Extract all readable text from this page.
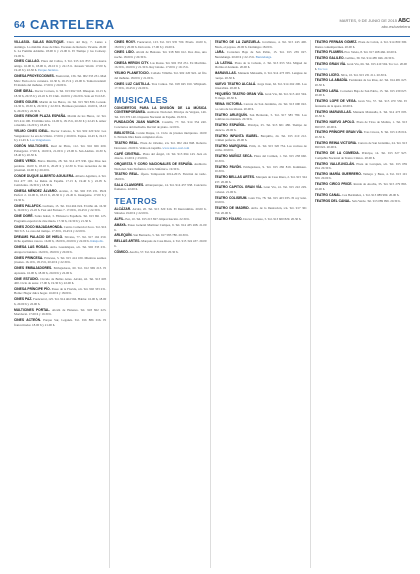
64 CARTELERA	MARTES, 9 DE JUNIO DE 2015 ABC
abc.es/cartelera
VILLASOL SALAS BOUTIQUE. Clara del Rey, 7. Lunes a domingo. La maldita clase de Dios. Escenas de Roberto Vicente. 20.00 h. La Familia Addams. 18.00 h y 21.00 h. El Tiempo y los Conway. 19.00 h.
CINES CALLAO. Plaza del Callao, 3. Tel. 915 221 857. Una nueva amiga. 16.00 h, 18.00 h, 20.10 h y 22.15 h. Jurassic World. 17.00 h, 19.45 h y 22.30 h. Parque Jurásico.
CINESA PROYECCIONES. Fuencarral, 136. Tel. 902 333 231. Mad Max: Furia en la carretera. 16.30 h, 19.15 h y 22.00 h. Tomorrowland: El mundo del mañana. 17.00 h y 20.00 h.
CINE IDEAL. Doctor Cortezo, 6. Tel. 913 692 518. Dheepan. 16.15 h, 18.30 h, 20.35 h y 22.45 h. El Club. 16.00 h y 20.20 h. Sólo en V.O.S.E.
CINES GOLEM. Martín de los Heros, 14. Tel. 915 593 836. Loreak. 16.30 h, 18.30 h, 20.30 h y 22.30 h. Hermosa juventud. 16.00 h, 18.10 h, 20.20 h y 22.30 h.
CINES RENOIR PLAZA ESPAÑA. Martín de los Heros, 12. Tel. 915 414 100. El último lobo. 16.00 h, 18.15 h, 20.30 h y 22.45 h. Amor a medida. 16.20 h y 18.20 h.
YELMO CINES IDEAL. Doctor Cortezo, 6. Tel. 902 220 922. Los Vengadores: La era de Ultrón. 17.00 h y 20.00 h. Espías. 16.45 h, 19.15 h y 21.45 h. Los Vengadores.
ODEÓN MULTICINES. Real de Pinto, 112. Tel. 916 926 200. Poltergeist. 17.00 h, 19.00 h, 21.00 h y 23.00 h. San Andrés. 16.30 h, 18.40 h y 20.50 h.
CINES VERDI. Bravo Murillo, 28. Tel. 914 473 930. Que Dios nos perdone. 16.00 h, 18.10 h, 20.20 h y 22.30 h. Tres recuerdos de mi juventud. 16.00 h y 20.20 h.
CONDE DUQUE ALBERTO AGUILERA. Alberto Aguilera, 4. Tel. 914 477 193. La Reina de España. 17.15 h, 19.40 h y 22.05 h. Cenicienta. 16.30 h y 18.30 h.
CINESA MÉNDEZ ÁLVARO. Acanto, 2. Tel. 902 333 231. Pitch Perfect 2. 16.00 h, 18.15 h, 20.30 h y 22.45 h. Insurgente. 17.00 h y 19.30 h.
CINES PALAFOX. Luchana, 15. Tel. 914 464 024. El niño 44. 16.30 h, 19.00 h y 21.45 h. Fast and Furious 7. 17.00 h, 19.45 h y 22.30 h.
CINE DORÉ. Santa Isabel, 3. Filmoteca Española. Tel. 913 691 125. Programa especial de cine mudo. 17.30 h, 19.30 h y 21.30 h.
CINES ZOCO MAJADAHONDA. Centro Comercial Zoco. Tel. 916 396 515. La casa del tiempo. 17.30 h, 19.45 h y 22.00 h.
DREAMS PALACIO DE HIELO. Silvano, 77. Tel. 917 162 250. Ocho apellidos vascos. 16.00 h, 18.00 h, 20.00 h y 22.00 h. Kinépolis.
CINESA LAS ROSAS. Avda. Guadalajara, s/n. Tel. 902 333 231. Atrapa la bandera. 16.00 h, 18.00 h y 20.00 h.
CINES PRINCESA. Princesa, 3. Tel. 915 414 100. Mientras seamos jóvenes. 16.10 h, 18.15 h, 20.20 h y 22.30 h.
CINES EMBAJADORES. Embajadores, 60. Tel. 912 969 213. El Apóstata. 16.00 h, 18.00 h, 20.00 h y 22.00 h.
CINE ESTUDIO. Círculo de Bellas Artes. Alcalá, 42. Tel. 913 605 400. Ciclo de autor. 17.00 h, 19.30 h y 22.00 h.
CINESA PRÍNCIPE PÍO. Paseo de la Florida, s/n. Tel. 902 333 231. Home: Hogar dulce hogar. 16.00 h y 18.00 h.
CINES PAZ. Fuencarral, 125. Tel. 914 464 566. Hablar. 16.00 h, 18.00 h, 20.00 h y 22.00 h.
MULTICINES PORTAL. Alcalá de Henares. Tel. 918 822 223. Mortdecai. 17.00 h y 19.30 h.
CINES ACTEÓN. Parque Sur, Leganés. Tel. 916 886 016. El francotirador. 18.00 h y 21.00 h.
CINES ROXY. Fuencarral, 123. Tel. 915 935 700. Pixels. 16.00 h, 18.00 h y 20.00 h. Del revés. 17.00 h y 19.00 h.
CINES LIDO. Alcalá de Henares. Tel. 918 826 612. Dos días, una noche. 18.00 h y 20.30 h.
CINESA HERON CITY. Las Rozas. Tel. 902 333 231. Ex Machina. 16.30 h, 19.00 h y 21.30 h. Rey Gitano. 17.00 h y 19.15 h.
YELMO PLANETOCIO. Collado Villalba. Tel. 902 220 922. Al filo del mañana. 18.00 h y 21.00 h.
CINES LUZ CASTILLA. Tres Cantos. Tel. 918 045 010. Whiplash. 17.30 h, 19.45 h y 22.00 h.
MUSICALES
CONCIERTOS PARA LA DIVISIÓN DE LA MÚSICA CONTEMPORÁNEA. Auditorio Nacional. Príncipe de Vergara, 146. Tel. 913 370 140. Orquesta Nacional de España. 19.30 h.
FUNDACIÓN JUAN MARCH. Castelló, 77. Tel. 914 354 240. Conciertos del mediodía. Recital de piano. 12.00 h.
BIBLIOTECA. Conde Duque, 11. Ciclo de jóvenes intérpretes. 19.00 h. Entrada libre hasta completar aforo.
TEATRO REAL. Plaza de Oriente, s/n. Tel. 902 244 848. Roberto Devereux. 20.00 h. Venta en taquilla. www.teatro-real.com
CAFÉ CENTRAL. Plaza del Ángel, 10. Tel. 913 694 143. Jazz en directo. 21.00 h y 23.00 h.
ORQUESTA Y CORO NACIONALES DE ESPAÑA. Auditorio Nacional. Sala Sinfónica. Ciclo Sinfónico. 19.30 h.
TEATRO REAL. Ópera. Temporada 2014-2015. Función de tarde. 18.00 h.
SALA CLAMORES. Alburquerque, 14. Tel. 914 457 938. Concierto flamenco. 22.00 h.
TEATROS
ALCÁZAR. Alcalá, 20. Tel. 915 320 616. El Intercambio. 20.00 h. Sábados 19.00 h y 22.00 h.
ALFIL. Pez, 10. Tel. 915 215 827. Improvisación. 22.30 h.
AMAYA. Paseo General Martínez Campos, 9. Tel. 914 435 268. 21.00 h.
ARLEQUÍN. San Bernardo, 5. Tel. 917 583 780. 20.30 h.
BELLAS ARTES. Marqués de Casa Riera, 2. Tel. 915 324 437. 20.00 h.
CÓMICO. Atocha, 57. Tel. 914 292 002. 20.30 h.
TEATRO DE LA ZARZUELA. Jovellanos, 4. Tel. 915 245 400. Black, el payaso. 20.00 h. Domingos 18.00 h.
LARA. Corredera Baja de San Pablo, 15. Tel. 915 239 027. Burundanga. 20.00 h y 22.15 h. Burundanga.
LA LATINA. Plaza de la Cebada, 2. Tel. 913 653 534. Miguel de Molina al desnudo. 20.00 h.
MARAVILLAS. Manuela Malasaña, 6. Tel. 914 473 005. Lenguas de cuerpo. 20.30 h.
NUEVO TEATRO ALCALÁ. Jorge Juan, 62. Tel. 914 262 200. Los miserables. 20.00 h.
PEQUEÑO TEATRO GRAN VÍA. Gran Vía, 66. Tel. 915 410 594. El mago. 20.30 h.
REINA VICTORIA. Carrera de San Jerónimo, 24. Tel. 913 690 022. La cena de los idiotas. 20.00 h.
TEATRO ARLEQUÍN. San Bernardo, 5. Tel. 917 583 780. Los hombres no mienten. 20.30 h.
TEATRO ESPAÑOL. Príncipe, 25. Tel. 913 601 480. Tiempo de silencio. 20.00 h.
TEATRO INFANTA ISABEL. Barquillo, 24. Tel. 915 210 212. Crimen perfecto. 20.00 h.
TEATRO MARQUINA. Prim, 11. Tel. 915 320 754. Los vecinos de arriba. 20.00 h.
TEATRO MUÑOZ SECA. Plaza del Carmen, 1. Tel. 915 238 660. 20.30 h.
TEATRO PAVÓN. Embajadores, 9. Tel. 915 282 819. Kamikaze. 20.30 h.
TEATRO BELLAS ARTES. Marqués de Casa Riera, 2. Tel. 915 324 437. 20.00 h.
TEATRO CAPITOL GRAN VÍA. Gran Vía, 41. Tel. 915 222 229. Cabaret. 21.00 h.
TEATRO COLISEUM. Gran Vía, 78. Tel. 915 423 035. El rey león. 20.00 h.
TEATRO DE MADRID. Avda. de la Ilustración, s/n. Tel. 917 301 750. 20.00 h.
TEATRO FÍGARO. Doctor Cortezo, 5. Tel. 913 600 829. 20.30 h.
TEATRO FERNÁN GÓMEZ. Plaza de Colón, 4. Tel. 914 800 300. Danza contemporánea. 20.00 h.
TEATRO FLUMEN. Pico Veleta, 8. Tel. 917 268 466. 20.00 h.
TEATRO GALILEO. Galileo, 39. Tel. 914 485 046. 20.30 h.
TEATRO GRAN VÍA. Gran Vía, 66. Tel. 915 410 594. Toc toc. 20.00 h. Toc toc.
TEATRO LICEO. Silva, 10. Tel. 915 231 211. 20.30 h.
TEATRO LA ABADÍA. Fernández de los Ríos, 42. Tel. 914 481 627. 20.30 h.
TEATRO LARA. Corredera Baja de San Pablo, 15. Tel. 915 239 027. 20.00 h.
TEATRO LOPE DE VEGA. Gran Vía, 57. Tel. 915 470 536. El fantasma de la ópera. 20.00 h.
TEATRO MARAVILLAS. Manuela Malasaña, 6. Tel. 914 473 005. 20.30 h.
TEATRO NUEVO APOLO. Plaza de Tirso de Molina, 1. Tel. 913 690 637. 20.00 h.
TEATRO PRÍNCIPE GRAN VÍA. Tres Cruces, 8. Tel. 915 218 016. 20.30 h.
TEATRO REINA VICTORIA. Carrera de San Jerónimo, 24. Tel. 913 690 022. 20.00 h.
TEATRO DE LA COMEDIA. Príncipe, 14. Tel. 915 327 927. Compañía Nacional de Teatro Clásico. 20.00 h.
TEATRO VALLE-INCLÁN. Plaza de Lavapiés, s/n. Tel. 915 059 294. 20.30 h.
TEATRO MARÍA GUERRERO. Tamayo y Baus, 4. Tel. 913 101 500. 20.00 h.
TEATRO CIRCO PRICE. Ronda de Atocha, 35. Tel. 915 279 865. 20.00 h.
TEATRO CANAL. Cea Bermúdez, 1. Tel. 913 089 999. 20.00 h.
TEATROS DEL CANAL. Sala Verde. Tel. 913 089 999. 20.30 h.
